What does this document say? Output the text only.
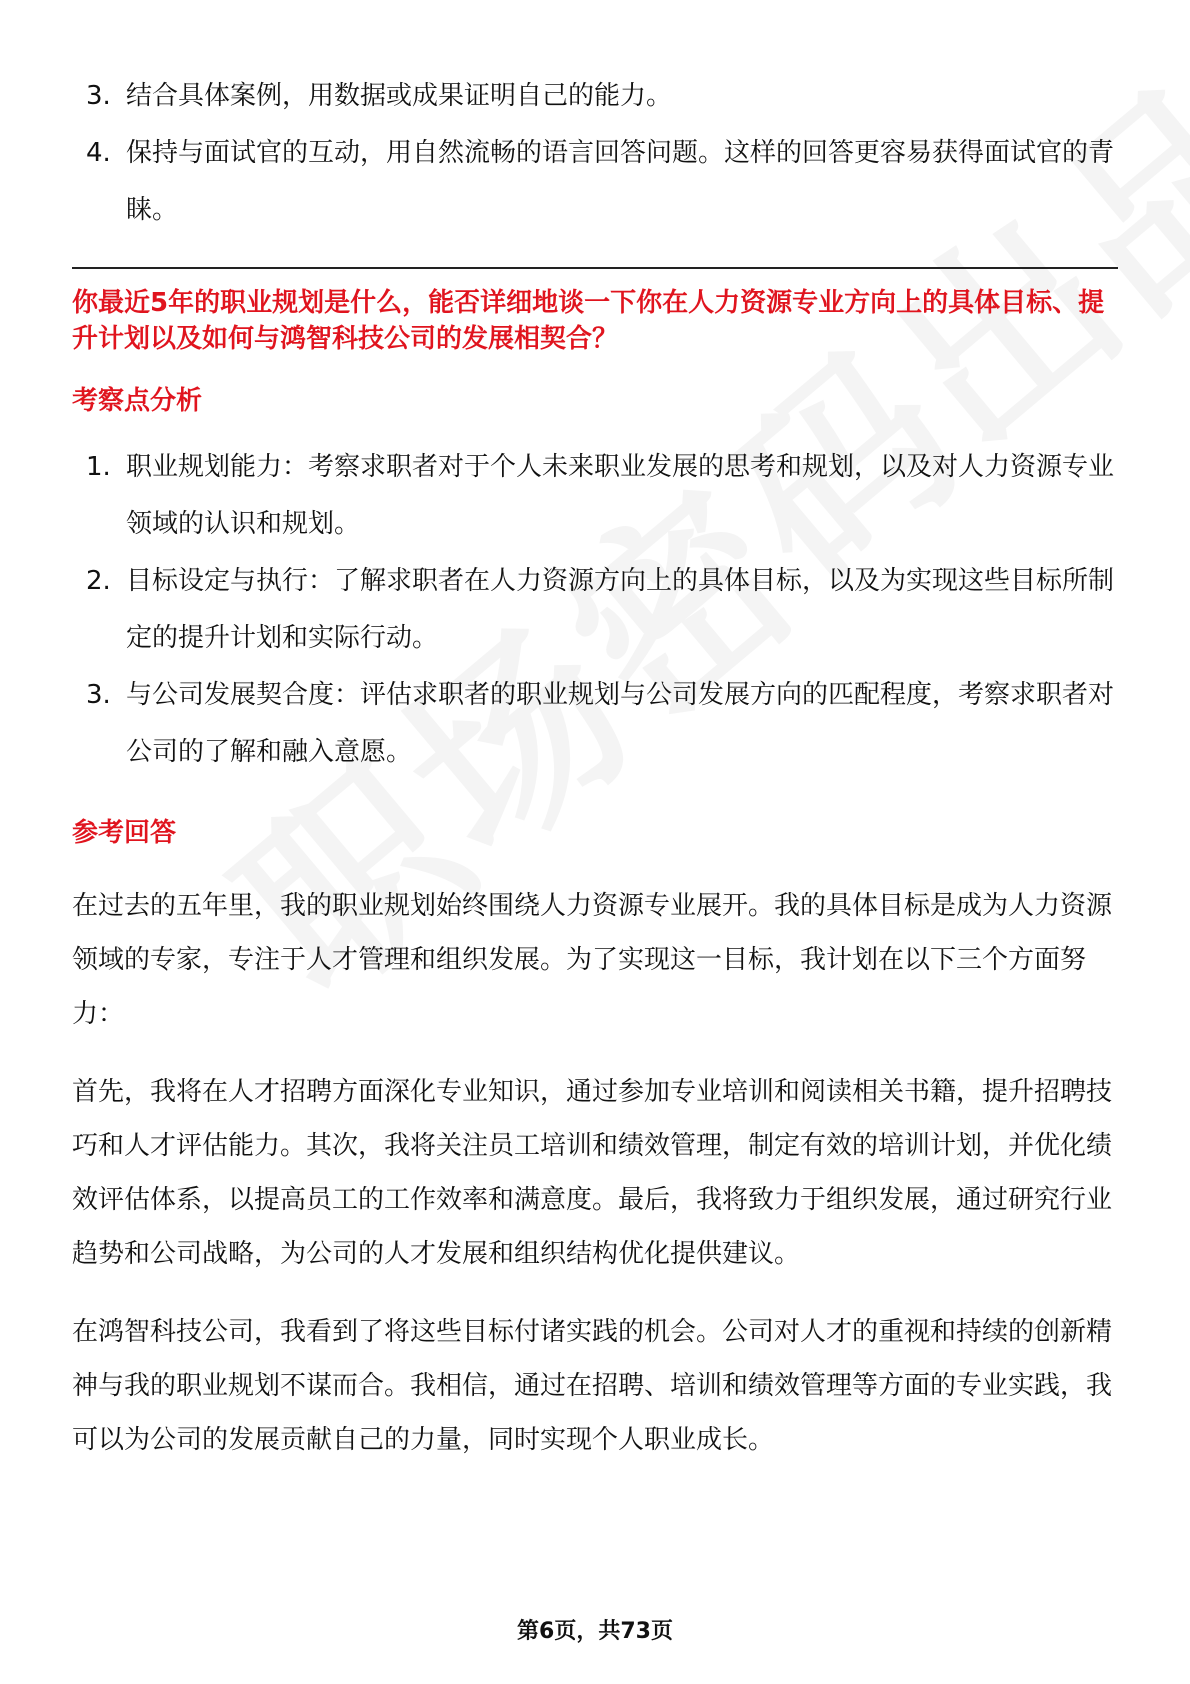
3. 结合具体案例，用数据或成果证明自己的能力。
4. 保持与面试官的互动，用自然流畅的语言回答问题。这样的回答更容易获得面试官的青睐。
你最近5年的职业规划是什么，能否详细地谈一下你在人力资源专业方向上的具体目标、提升计划以及如何与鸿智科技公司的发展相契合？
考察点分析
1. 职业规划能力：考察求职者对于个人未来职业发展的思考和规划，以及对人力资源专业领域的认识和规划。
2. 目标设定与执行：了解求职者在人力资源方向上的具体目标，以及为实现这些目标所制定的提升计划和实际行动。
3. 与公司发展契合度：评估求职者的职业规划与公司发展方向的匹配程度，考察求职者对公司的了解和融入意愿。
参考回答

在过去的五年里，我的职业规划始终围绕人力资源专业展开。我的具体目标是成为人力资源领域的专家，专注于人才管理和组织发展。为了实现这一目标，我计划在以下三个方面努力：

首先，我将在人才招聘方面深化专业知识，通过参加专业培训和阅读相关书籍，提升招聘技巧和人才评估能力。其次，我将关注员工培训和绩效管理，制定有效的培训计划，并优化绩效评估体系，以提高员工的工作效率和满意度。最后，我将致力于组织发展，通过研究行业趋势和公司战略，为公司的人才发展和组织结构优化提供建议。

在鸿智科技公司，我看到了将这些目标付诸实践的机会。公司对人才的重视和持续的创新精神与我的职业规划不谋而合。我相信，通过在招聘、培训和绩效管理等方面的专业实践，我可以为公司的发展贡献自己的力量，同时实现个人职业成长。

第6页，共73页
